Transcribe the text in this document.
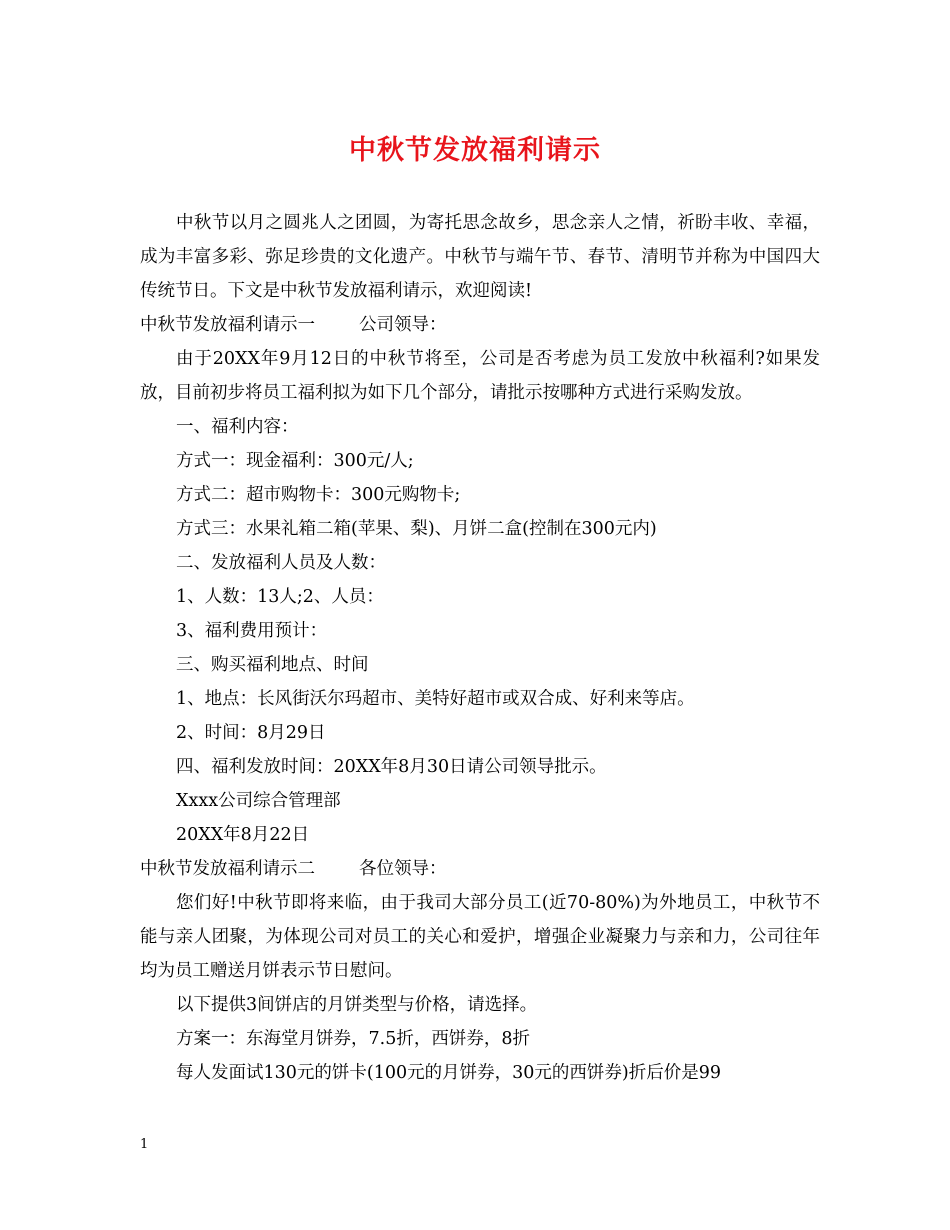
中秋节发放福利请示

中秋节以月之圆兆人之团圆，为寄托思念故乡，思念亲人之情，祈盼丰收、幸福，成为丰富多彩、弥足珍贵的文化遗产。中秋节与端午节、春节、清明节并称为中国四大传统节日。下文是中秋节发放福利请示，欢迎阅读!

中秋节发放福利请示一	公司领导：

由于20XX年9月12日的中秋节将至，公司是否考虑为员工发放中秋福利?如果发放，目前初步将员工福利拟为如下几个部分，请批示按哪种方式进行采购发放。

一、福利内容：
方式一：现金福利：300元/人;
方式二：超市购物卡：300元购物卡;
方式三：水果礼箱二箱(苹果、梨)、月饼二盒(控制在300元内)
二、发放福利人员及人数：
1、人数：13人;2、人员：
3、福利费用预计：
三、购买福利地点、时间
1、地点：长风街沃尔玛超市、美特好超市或双合成、好利来等店。
2、时间：8月29日
四、福利发放时间：20XX年8月30日请公司领导批示。
Xxxx公司综合管理部
20XX年8月22日
中秋节发放福利请示二	各位领导：

您们好!中秋节即将来临，由于我司大部分员工(近70-80%)为外地员工，中秋节不能与亲人团聚，为体现公司对员工的关心和爱护，增强企业凝聚力与亲和力，公司往年均为员工赠送月饼表示节日慰问。

以下提供3间饼店的月饼类型与价格，请选择。
方案一：东海堂月饼券，7.5折，西饼券，8折
每人发面试130元的饼卡(100元的月饼券，30元的西饼券)折后价是99
1
